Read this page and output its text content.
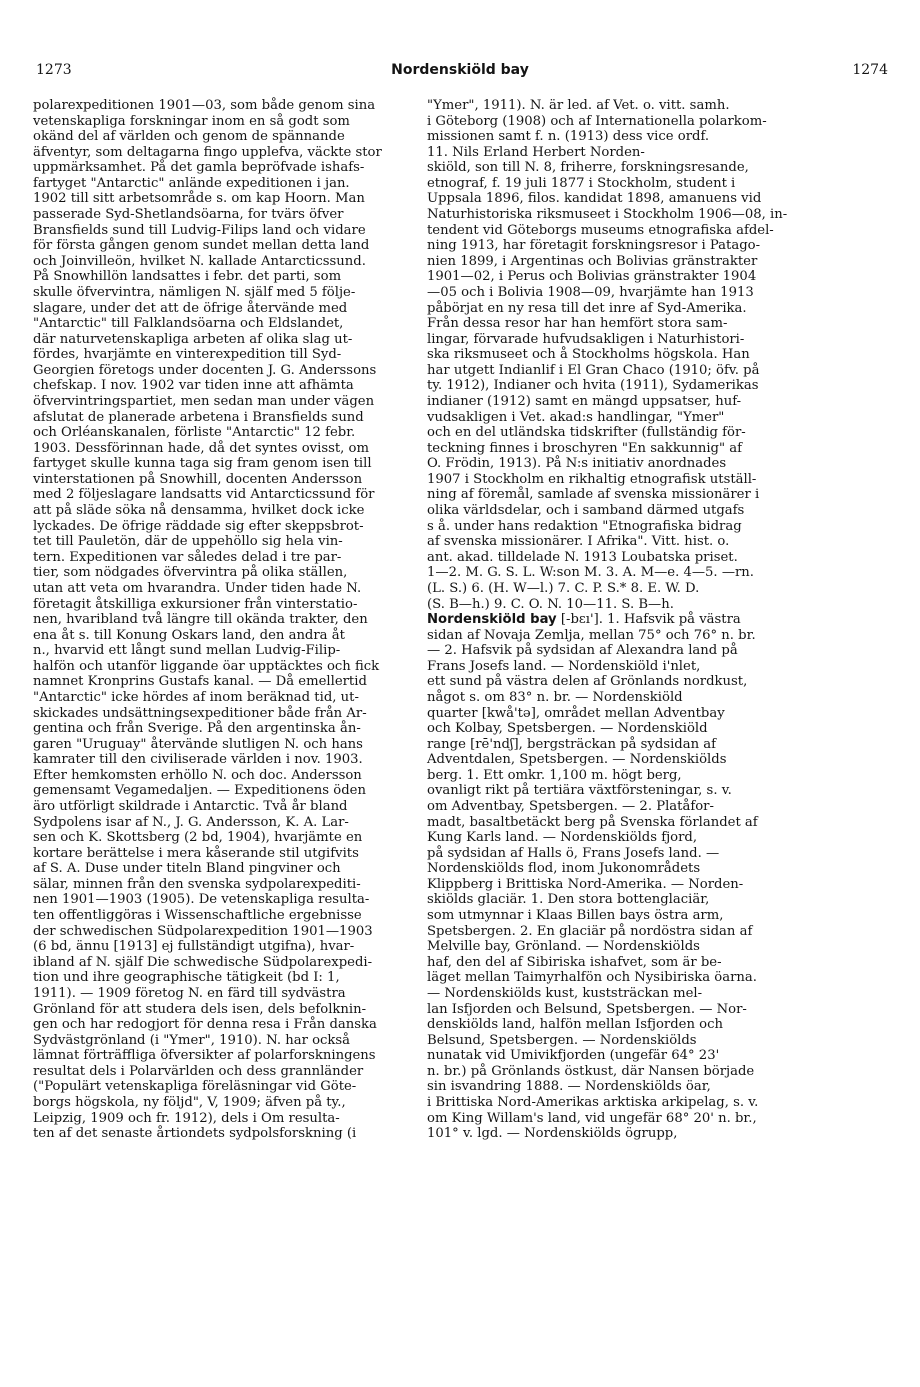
1273	Nordenskiöld bay	1274
polarexpeditionen 1901—03, som både genom sina
vetenskapliga forskningar inom en så godt som
okänd del af världen och genom de spännande
äfventyr, som deltagarna fingo upplefva, väckte stor
uppmärksamhet. På det gamla bepröfvade ishafs-
fartyget "Antarctic" anlände expeditionen i jan.
1902 till sitt arbetsområde s. om kap Hoorn. Man
passerade Syd-Shetlandsöarna, for tvärs öfver
Bransfields sund till Ludvig-Filips land och vidare
för första gången genom sundet mellan detta land
och Joinvilleön, hvilket N. kallade Antarcticssund.
På Snowhillön landsattes i febr. det parti, som
skulle öfvervintra, nämligen N. själf med 5 följe-
slagare, under det att de öfrige återvände med
"Antarctic" till Falklandsöarna och Eldslandet,
där naturvetenskapliga arbeten af olika slag ut-
fördes, hvarjämte en vinterexpedition till Syd-
Georgien företogs under docenten J. G. Anderssons
chefskap. I nov. 1902 var tiden inne att afhämta
öfvervintringspartiet, men sedan man under vägen
afslutat de planerade arbetena i Bransfields sund
och Orléanskanalen, förliste "Antarctic" 12 febr.
1903. Dessförinnan hade, då det syntes ovisst, om
fartyget skulle kunna taga sig fram genom isen till
vinterstationen på Snowhill, docenten Andersson
med 2 följeslagare landsatts vid Antarcticssund för
att på släde söka nå densamma, hvilket dock icke
lyckades. De öfrige räddade sig efter skeppsbrot-
tet till Pauletön, där de uppehöllo sig hela vin-
tern. Expeditionen var således delad i tre par-
tier, som nödgades öfvervintra på olika ställen,
utan att veta om hvarandra. Under tiden hade N.
företagit åtskilliga exkursioner från vinterstatio-
nen, hvaribland två längre till okända trakter, den
ena åt s. till Konung Oskars land, den andra åt
n., hvarvid ett långt sund mellan Ludvig-Filip-
halfön och utanför liggande öar upptäcktes och fick
namnet Kronprins Gustafs kanal. — Då emellertid
"Antarctic" icke hördes af inom beräknad tid, ut-
skickades undsättningsexpeditioner både från Ar-
gentina och från Sverige. På den argentinska ån-
garen "Uruguay" återvände slutligen N. och hans
kamrater till den civiliserade världen i nov. 1903.
Efter hemkomsten erhöllo N. och doc. Andersson
gemensamt Vegamedaljen. — Expeditionens öden
äro utförligt skildrade i Antarctic. Två år bland
Sydpolens isar af N., J. G. Andersson, K. A. Lar-
sen och K. Skottsberg (2 bd, 1904), hvarjämte en
kortare berättelse i mera kåserande stil utgifvits
af S. A. Duse under titeln Bland pingviner och
sälar, minnen från den svenska sydpolarexpediti-
nen 1901—1903 (1905). De vetenskapliga resulta-
ten offentliggöras i Wissenschaftliche ergebnisse
der schwedischen Südpolarexpedition 1901—1903
(6 bd, ännu [1913] ej fullständigt utgifna), hvar-
ibland af N. själf Die schwedische Südpolarexpedi-
tion und ihre geographische tätigkeit (bd I: 1,
1911). — 1909 företog N. en färd till sydvästra
Grönland för att studera dels isen, dels befolknin-
gen och har redogjort för denna resa i Från danska
Sydvästgrönland (i "Ymer", 1910). N. har också
lämnat förträffliga öfversikter af polarforskningens
resultat dels i Polarvärlden och dess grannländer
("Populärt vetenskapliga föreläsningar vid Göte-
borgs högskola, ny följd", V, 1909; äfven på ty.,
Leipzig, 1909 och fr. 1912), dels i Om resulta-
ten af det senaste årtiondets sydpolsforskning (i
"Ymer", 1911). N. är led. af Vet. o. vitt. samh.
i Göteborg (1908) och af Internationella polarkom-
missionen samt f. n. (1913) dess vice ordf.
11. Nils Erland Herbert Norden-
skiöld, son till N. 8, friherre, forskningsresande,
etnograf, f. 19 juli 1877 i Stockholm, student i
Uppsala 1896, filos. kandidat 1898, amanuens vid
Naturhistoriska riksmuseet i Stockholm 1906—08, in-
tendent vid Göteborgs museums etnografiska afdel-
ning 1913, har företagit forskningsresor i Patago-
nien 1899, i Argentinas och Bolivias gränstrakter
1901—02, i Perus och Bolivias gränstrakter 1904
—05 och i Bolivia 1908—09, hvarjämte han 1913
påbörjat en ny resa till det inre af Syd-Amerika.
Från dessa resor har han hemfört stora sam-
lingar, förvarade hufvudsakligen i Naturhistori-
ska riksmuseet och å Stockholms högskola. Han
har utgett Indianlif i El Gran Chaco (1910; öfv. på
ty. 1912), Indianer och hvita (1911), Sydamerikas
indianer (1912) samt en mängd uppsatser, huf-
vudsakligen i Vet. akad:s handlingar, "Ymer"
och en del utländska tidskrifter (fullständig för-
teckning finnes i broschyren "En sakkunnig" af
O. Frödin, 1913). På N:s initiativ anordnades
1907 i Stockholm en rikhaltig etnografisk utställ-
ning af föremål, samlade af svenska missionärer i
olika världsdelar, och i samband därmed utgafs
s å. under hans redaktion "Etnografiska bidrag
af svenska missionärer. I Afrika". Vitt. hist. o.
ant. akad. tilldelade N. 1913 Loubatska priset.
1—2. M. G. S. L. W:son M. 3. A. M—e. 4—5. —rn.
(L. S.) 6. (H. W—l.) 7. C. P. S.* 8. E. W. D.
(S. B—h.) 9. C. O. N. 10—11. S. B—h.
Nordenskiöld bay [-bɛı']. 1. Hafsvik på västra
sidan af Novaja Zemlja, mellan 75° och 76° n. br.
— 2. Hafsvik på sydsidan af Alexandra land på
Frans Josefs land. — Nordenskiöld i'nlet,
ett sund på västra delen af Grönlands nordkust,
något s. om 83° n. br. — Nordenskiöld
quarter [kwå'tə], området mellan Adventbay
och Kolbay, Spetsbergen. — Nordenskiöld
range [rē'ndʃ], bergsträckan på sydsidan af
Adventdalen, Spetsbergen. — Nordenskiölds
berg. 1. Ett omkr. 1,100 m. högt berg,
ovanligt rikt på tertiära växtförsteningar, s. v.
om Adventbay, Spetsbergen. — 2. Platåfor-
madt, basaltbetäckt berg på Svenska förlandet af
Kung Karls land. — Nordenskiölds fjord,
på sydsidan af Halls ö, Frans Josefs land. —
Nordenskiölds flod, inom Jukonområdets
Klippberg i Brittiska Nord-Amerika. — Norden-
skiölds glaciär. 1. Den stora bottenglaciär,
som utmynnar i Klaas Billen bays östra arm,
Spetsbergen. 2. En glaciär på nordöstra sidan af
Melville bay, Grönland. — Nordenskiölds
haf, den del af Sibiriska ishafvet, som är be-
läget mellan Taimyrhalfön och Nysibiriska öarna.
— Nordenskiölds kust, kuststräckan mel-
lan Isfjorden och Belsund, Spetsbergen. — Nor-
denskiölds land, halfön mellan Isfjorden och
Belsund, Spetsbergen. — Nordenskiölds
nunatak vid Umivikfjorden (ungefär 64° 23'
n. br.) på Grönlands östkust, där Nansen började
sin isvandring 1888. — Nordenskiölds öar,
i Brittiska Nord-Amerikas arktiska arkipelag, s. v.
om King Willam's land, vid ungefär 68° 20' n. br.,
101° v. lgd. — Nordenskiölds ögrupp,
